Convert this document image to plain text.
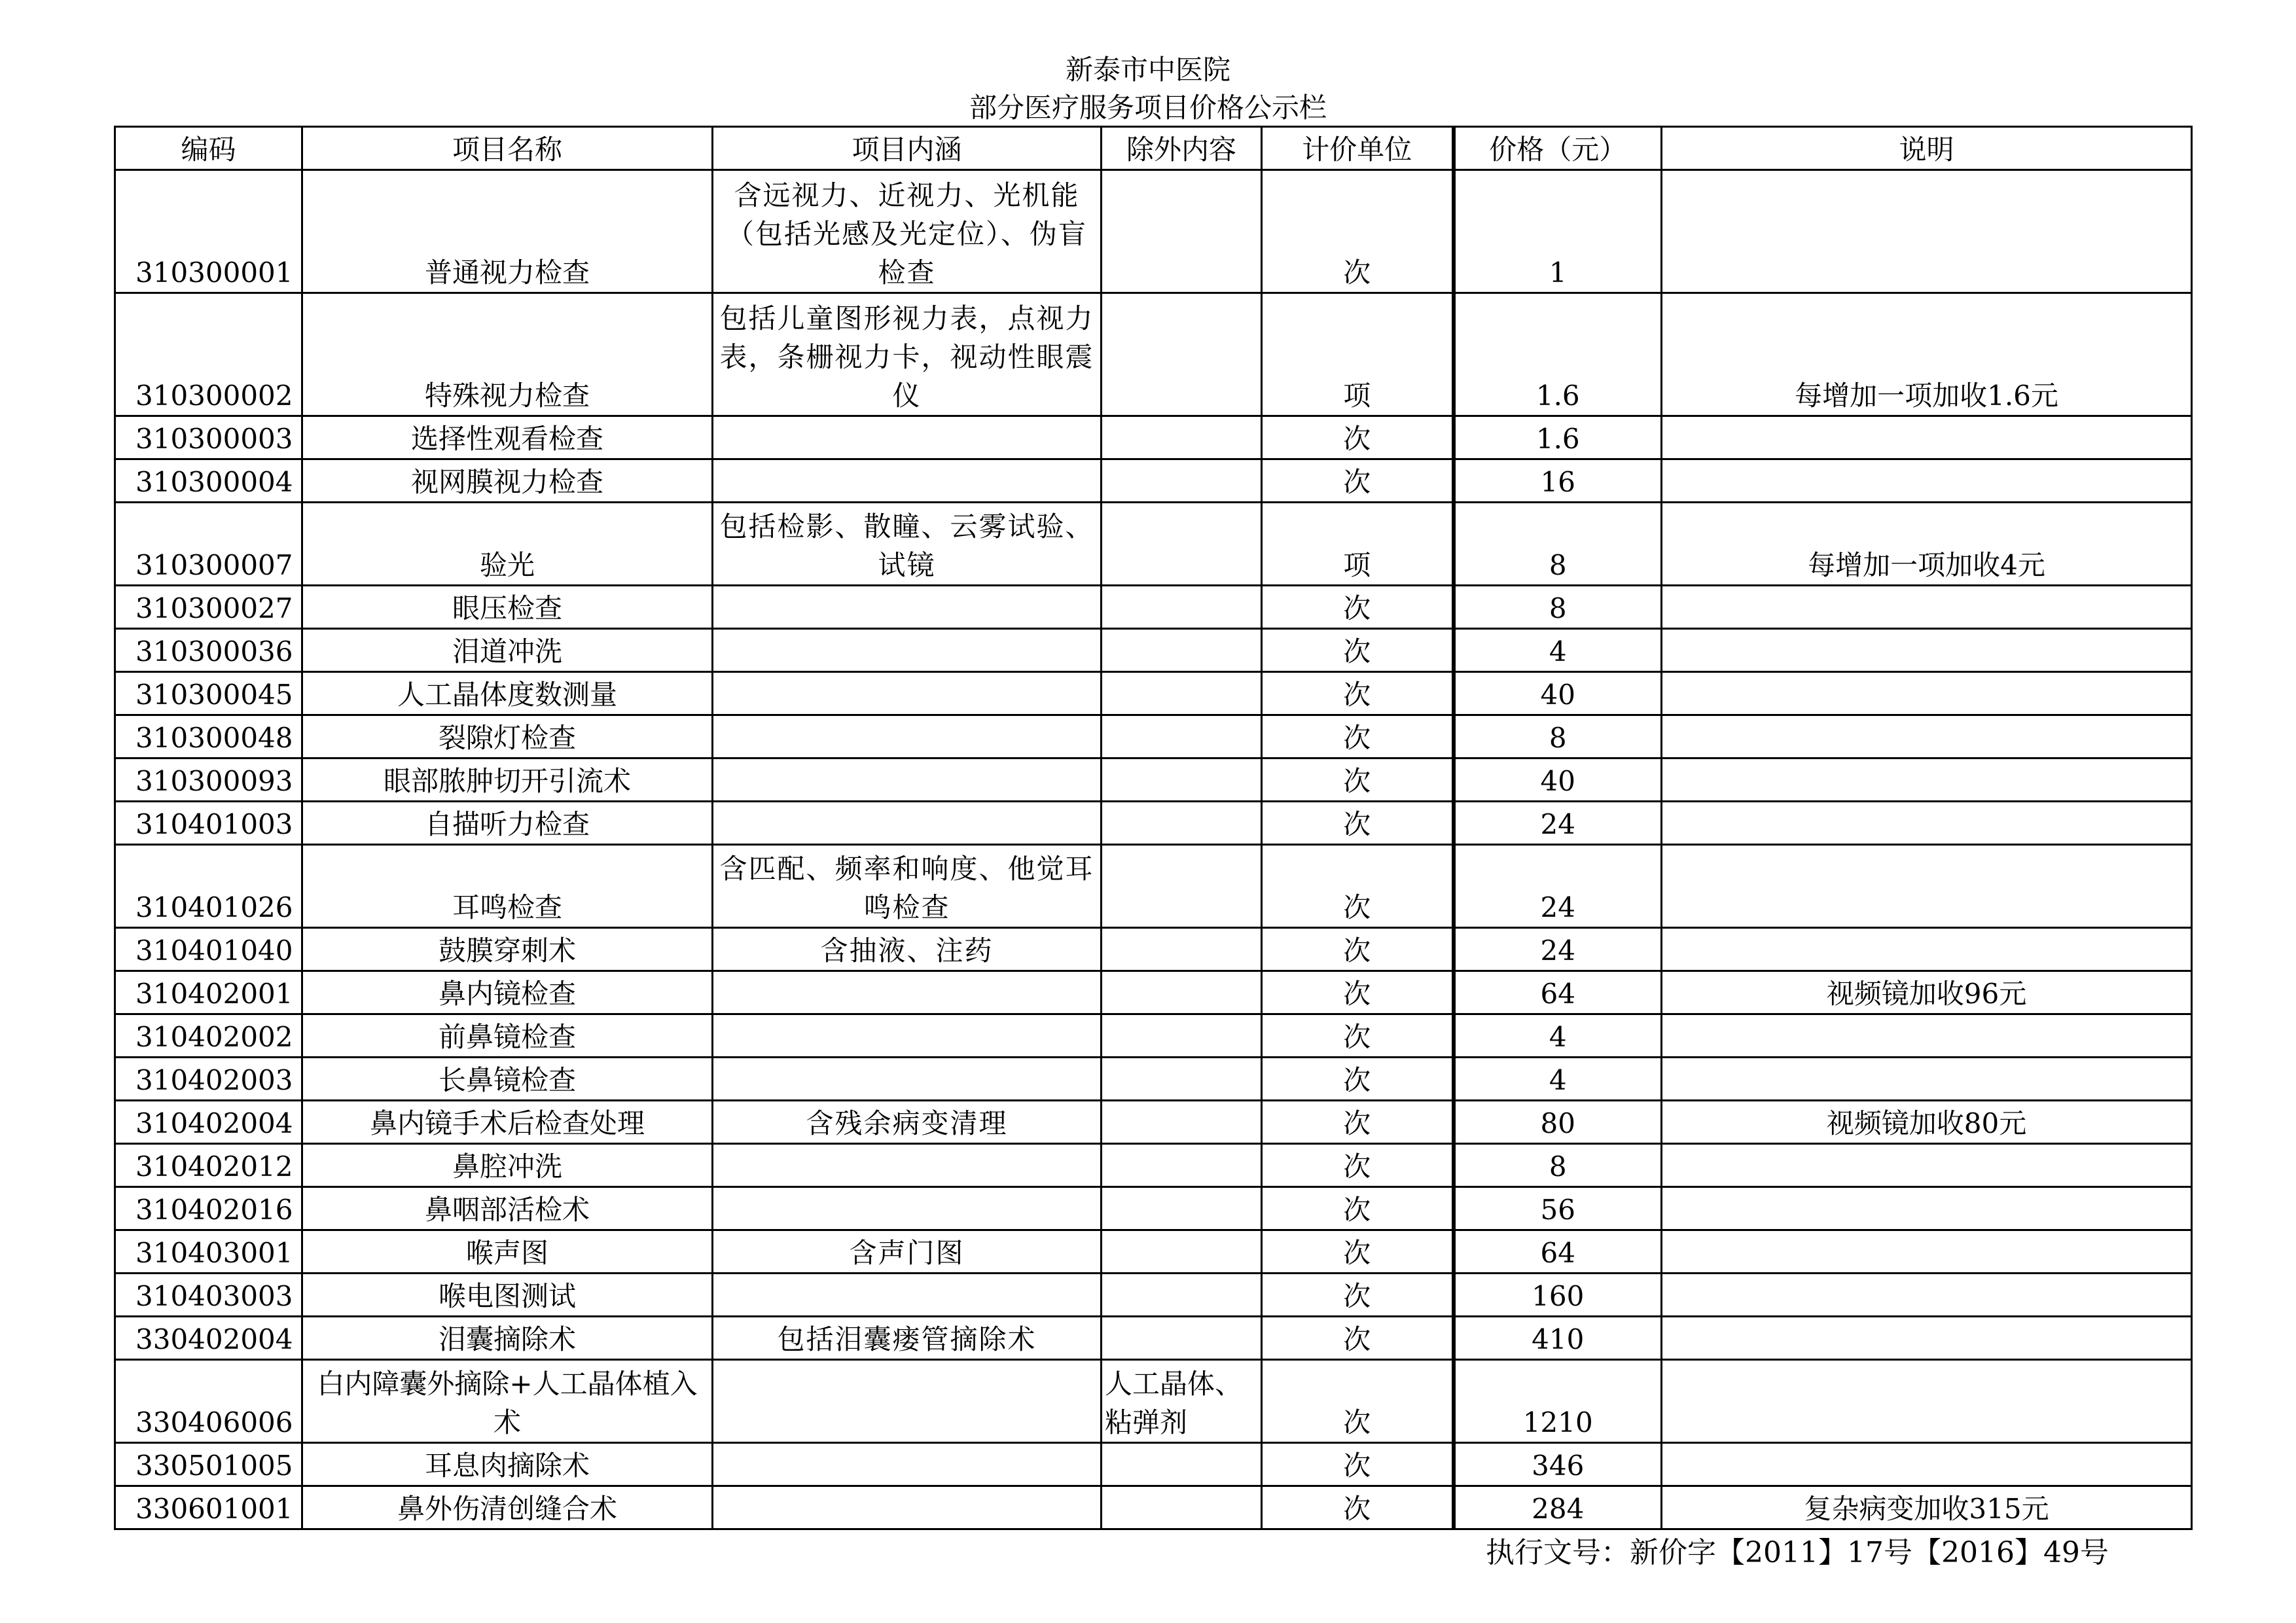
新泰市中医院
部分医疗服务项目价格公示栏
编码	项目名称	项目内涵	除外内容	计价单位	价格（元）	说明
310300001	普通视力检查	含远视力、近视力、光机能（包括光感及光定位）、伪盲检查		次	1	
310300002	特殊视力检查	包括儿童图形视力表，点视力表，条栅视力卡，视动性眼震仪		项	1.6	每增加一项加收1.6元
310300003	选择性观看检查			次	1.6	
310300004	视网膜视力检查			次	16	
310300007	验光	包括检影、散瞳、云雾试验、试镜		项	8	每增加一项加收4元
310300027	眼压检查			次	8	
310300036	泪道冲洗			次	4	
310300045	人工晶体度数测量			次	40	
310300048	裂隙灯检查			次	8	
310300093	眼部脓肿切开引流术			次	40	
310401003	自描听力检查			次	24	
310401026	耳鸣检查	含匹配、频率和响度、他觉耳鸣检查		次	24	
310401040	鼓膜穿刺术	含抽液、注药		次	24	
310402001	鼻内镜检查			次	64	视频镜加收96元
310402002	前鼻镜检查			次	4	
310402003	长鼻镜检查			次	4	
310402004	鼻内镜手术后检查处理	含残余病变清理		次	80	视频镜加收80元
310402012	鼻腔冲洗			次	8	
310402016	鼻咽部活检术			次	56	
310403001	喉声图	含声门图		次	64	
310403003	喉电图测试			次	160	
330402004	泪囊摘除术	包括泪囊瘘管摘除术		次	410	
330406006	白内障囊外摘除+人工晶体植入术		人工晶体、粘弹剂	次	1210	
330501005	耳息肉摘除术			次	346	
330601001	鼻外伤清创缝合术			次	284	复杂病变加收315元
执行文号：新价字【2011】17号【2016】49号
